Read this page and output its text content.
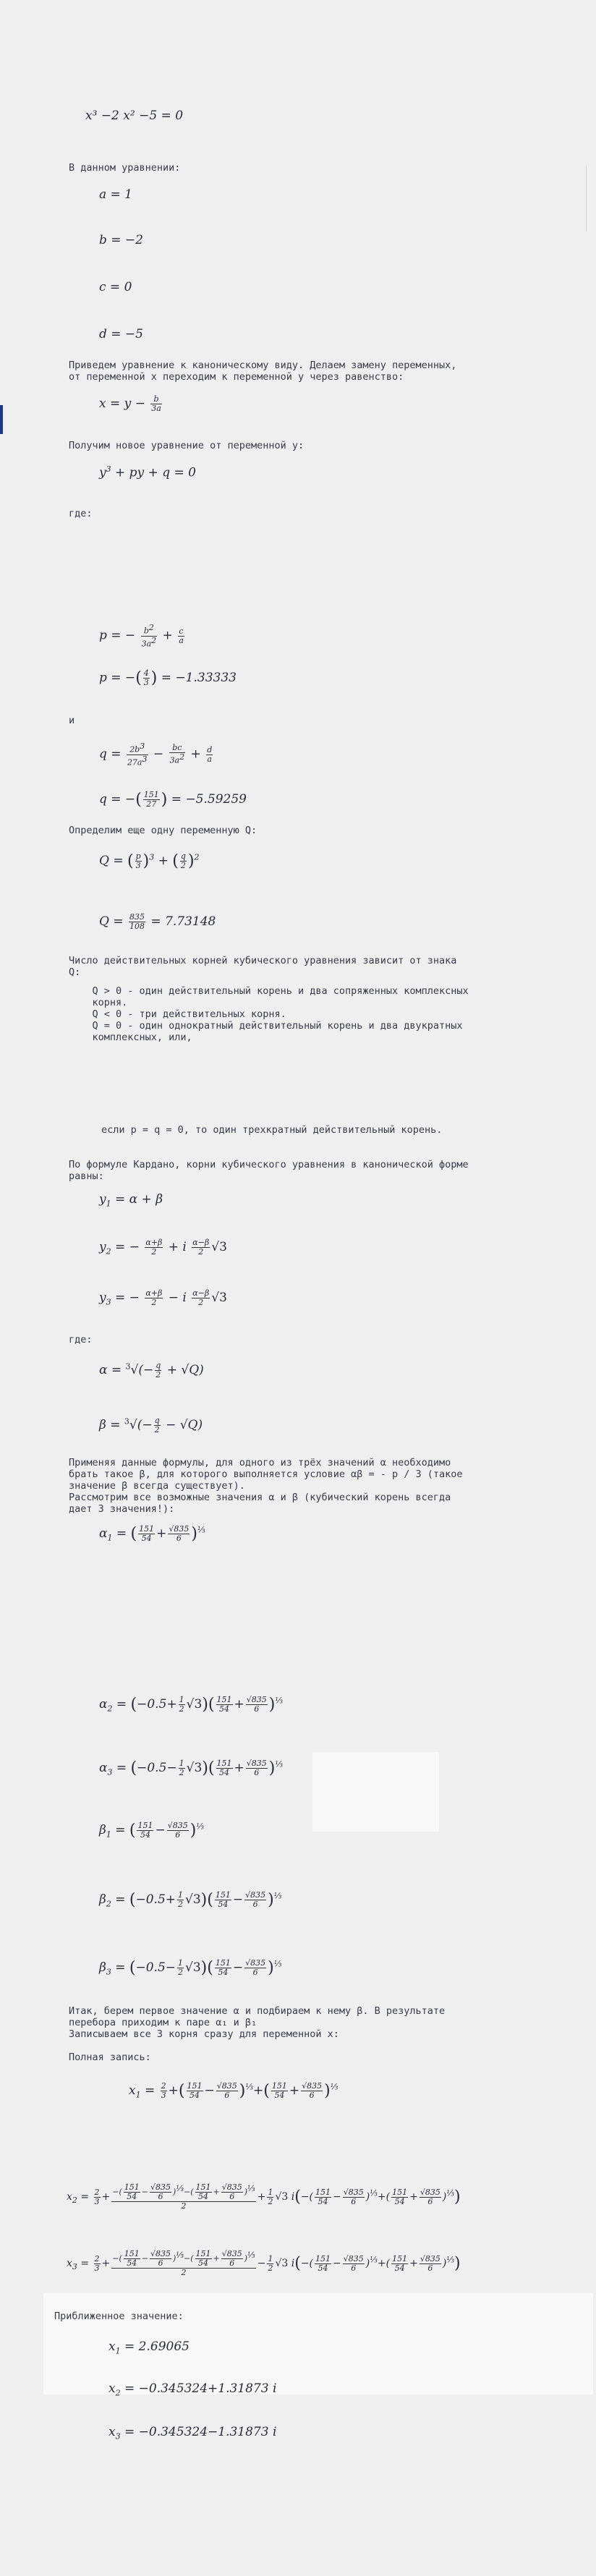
x³ −2 x² −5 = 0
В данном уравнении:
a = 1
b = −2
c = 0
d = −5
Приведем уравнение к каноническому виду. Делаем замену переменных,
от переменной x переходим к переменной y через равенство:
$x = y - \frac{b}{3a}$
Получим новое уравнение от переменной y:
$y^3$ + py + q = 0
где:
p = − $\frac{b^2}{3a^2} + \frac{c}{a}$
p = −( $\frac{4}{3}$ ) = −1.33333
и
$q = \frac{2b^3}{27a^3} - \frac{bc}{3a^2} + \frac{d}{a}$
q = −( $\frac{151}{27}$ ) = −5.59259
Определим еще одну переменную Q:
Q = ( $\frac{p}{3} )^3$ + ( $\frac{q}{2} )^2$
$Q = \frac{835}{108} = 7.73148$
Число действительных корней кубического уравнения зависит от знака
Q:
Q > 0 - один действительный корень и два сопряженных комплексных
корня.
Q < 0 - три действительных корня.
Q = 0 - один однократный действительный корень и два двукратных
комплексных, или,
если p = q = 0, то один трехкратный действительный корень.
По формуле Кардано, корни кубического уравнения в канонической форме
равны:
$y_1 = \alpha + \beta$
$y_2$ = − $\frac{\alpha+\beta}{2} + i \frac{\alpha-\beta}{2} √3$
$y_3$ = − $\frac{\alpha+\beta}{2} - i \frac{\alpha-\beta}{2} √3$
где:
$\alpha = ^3√(- \frac{q}{2} + √Q)$
$\beta = ^3√(- \frac{q}{2} - √Q)$
Применяя данные формулы, для одного из трёх значений α необходимо
брать такое β, для которого выполняется условие αβ = - p / 3 (такое
значение β всегда существует).
Рассмотрим все возможные значения α и β (кубический корень всегда
дает 3 значения!):
$\alpha_1$ = ( $\frac{151}{54} + \frac{√835}{6} )^{\frac{1}{3}}$
$\alpha_2 = (-0.5+ \frac{1}{2} √3)( \frac{151}{54} + \frac{√835}{6} )^{\frac{1}{3}}$
$\alpha_3 = (-0.5- \frac{1}{2} √3)( \frac{151}{54} + \frac{√835}{6} )^{\frac{1}{3}}$
$\beta_1$ = ( $\frac{151}{54} - \frac{√835}{6} )^{\frac{1}{3}}$
$\beta_2 = (-0.5+ \frac{1}{2} √3)( \frac{151}{54} - \frac{√835}{6} )^{\frac{1}{3}}$
$\beta_3 = (-0.5- \frac{1}{2} √3)( \frac{151}{54} - \frac{√835}{6} )^{\frac{1}{3}}$
Итак, берем первое значение α и подбираем к нему β. В результате
перебора приходим к паре α₁ и β₁
Записываем все 3 корня сразу для переменной x:
Полная запись:
$x_1 = \frac{2}{3}$ +( $\frac{151}{54} - \frac{√835}{6} )^{\frac{1}{3}}+( \frac{151}{54} + \frac{√835}{6} )^{\frac{1}{3}}$
$x_2 = \frac{2}{3} + \frac{-( \frac{151}{54} - \frac{√835}{6} )^{\frac{1}{3}}-( \frac{151}{54} + \frac{√835}{6} )^{\frac{1}{3}}}{2} + \frac{1}{2} √3$ $i(-( \frac{151}{54} - \frac{√835}{6} )^{\frac{1}{3}}+( \frac{151}{54} + \frac{√835}{6} )^{\frac{1}{3}})$
$x_3 = \frac{2}{3} + \frac{-( \frac{151}{54} - \frac{√835}{6} )^{\frac{1}{3}}-( \frac{151}{54} + \frac{√835}{6} )^{\frac{1}{3}}}{2} - \frac{1}{2} √3$ $i(-( \frac{151}{54} - \frac{√835}{6} )^{\frac{1}{3}}+( \frac{151}{54} + \frac{√835}{6} )^{\frac{1}{3}})$
Приближенное значение:
$x_1 = 2.69065$
$x_2 = -0.345324+1.31873$ i
$x_3 = -0.345324-1.31873$ i
